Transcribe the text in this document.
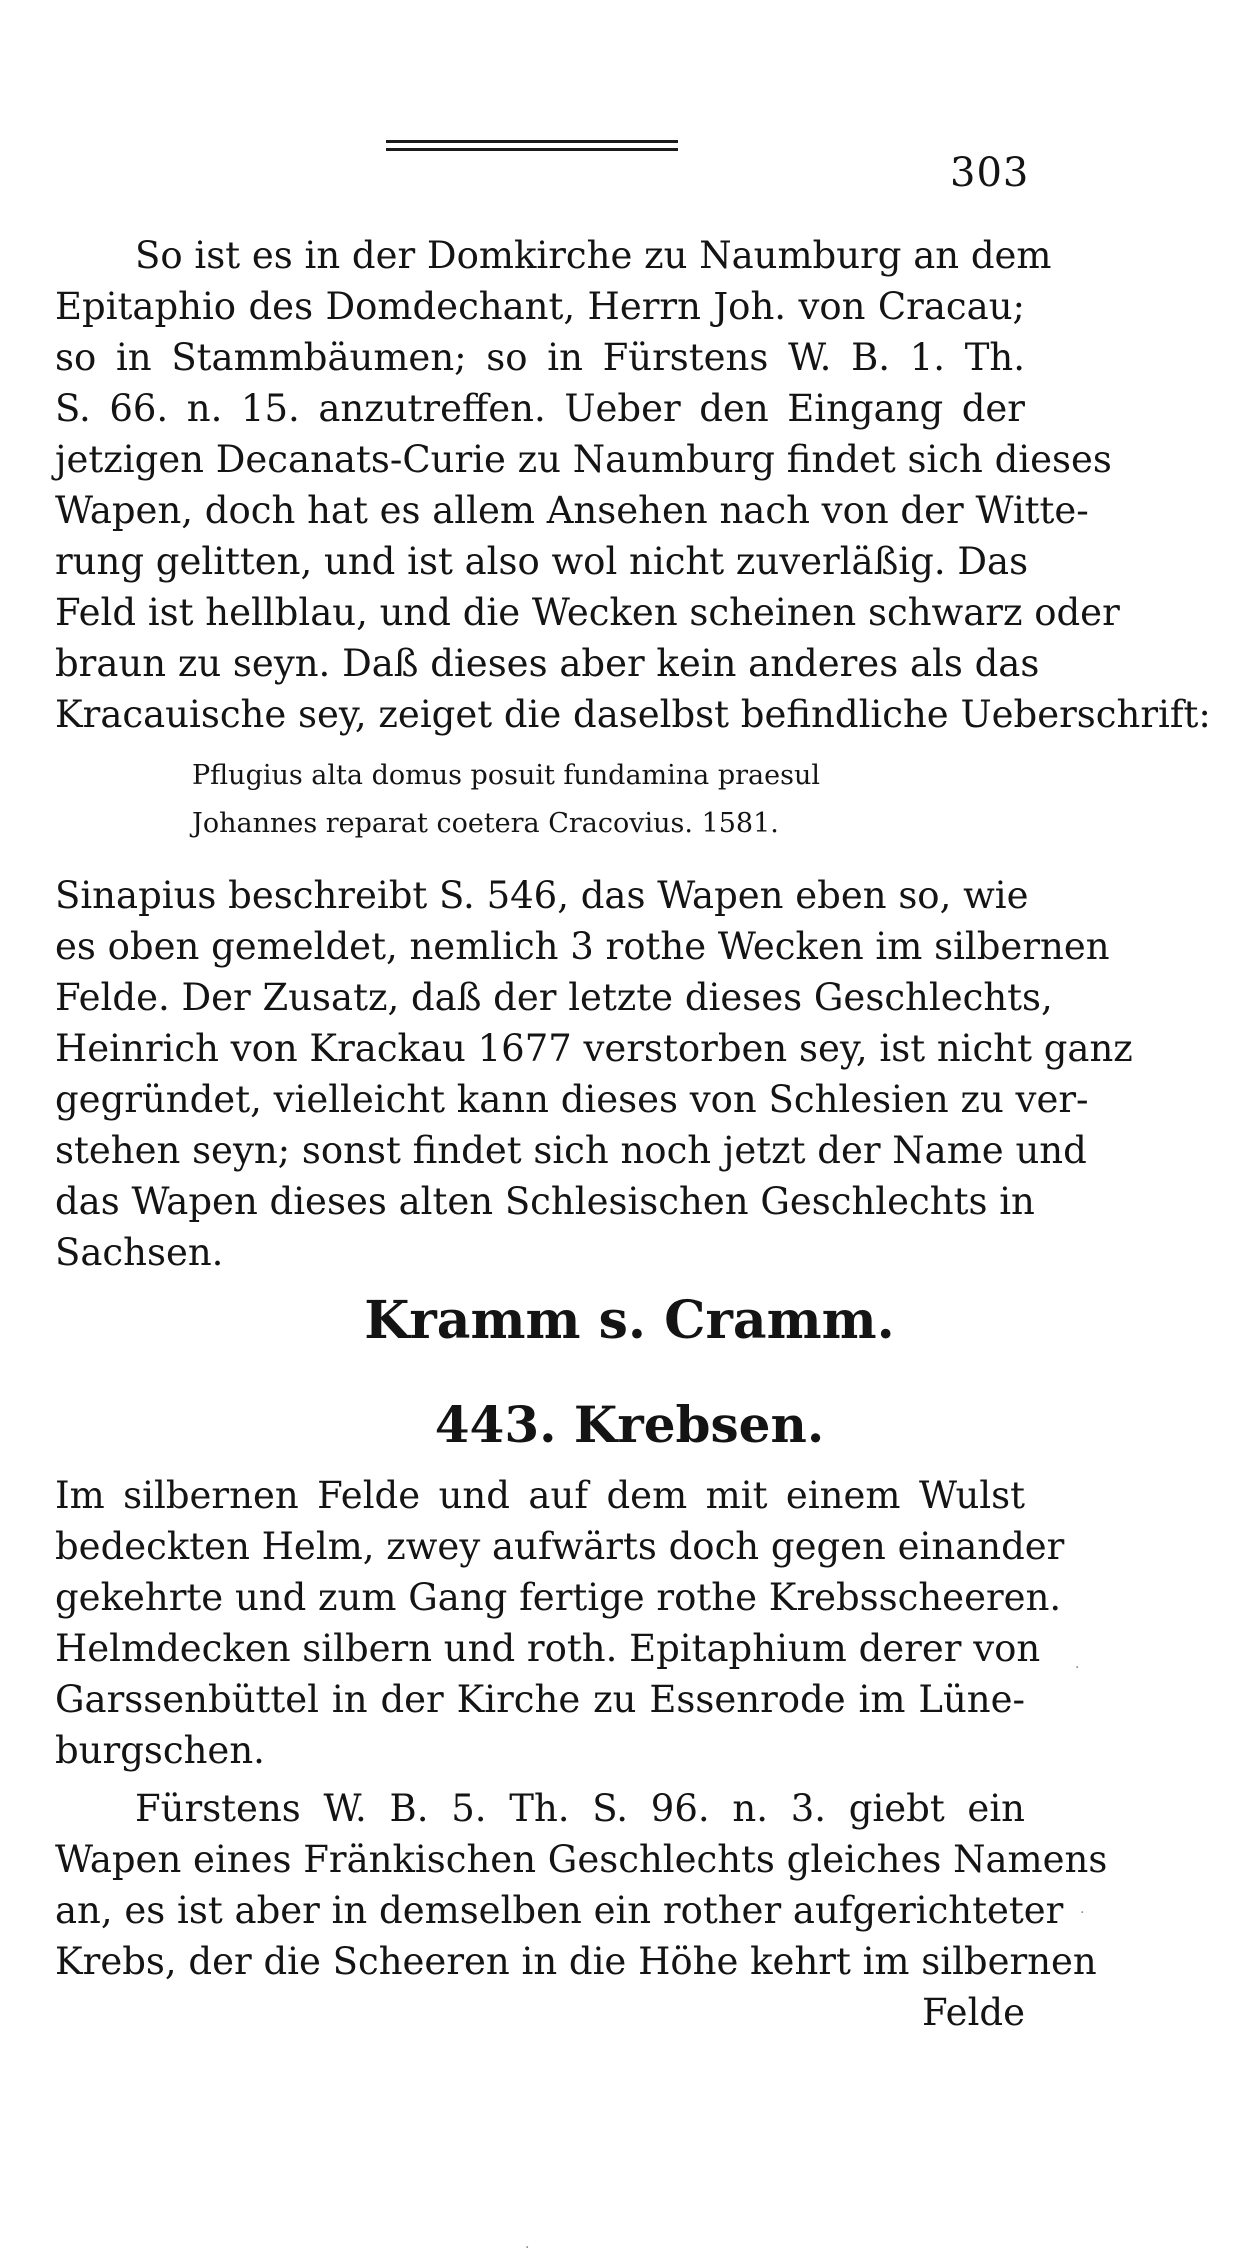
303
So ist es in der Domkirche zu Naumburg an dem
Epitaphio des Domdechant, Herrn Joh. von Cracau;
so in Stammbäumen; so in Fürstens W. B. 1. Th.
S. 66. n. 15. anzutreffen. Ueber den Eingang der
jetzigen Decanats-Curie zu Naumburg findet sich dieses
Wapen, doch hat es allem Ansehen nach von der Witte-
rung gelitten, und ist also wol nicht zuverläßig. Das
Feld ist hellblau, und die Wecken scheinen schwarz oder
braun zu seyn. Daß dieses aber kein anderes als das
Kracauische sey, zeiget die daselbst befindliche Ueberschrift:
Pflugius alta domus posuit fundamina praesul
Johannes reparat coetera Cracovius. 1581.
Sinapius beschreibt S. 546, das Wapen eben so, wie
es oben gemeldet, nemlich 3 rothe Wecken im silbernen
Felde. Der Zusatz, daß der letzte dieses Geschlechts,
Heinrich von Krackau 1677 verstorben sey, ist nicht ganz
gegründet, vielleicht kann dieses von Schlesien zu ver-
stehen seyn; sonst findet sich noch jetzt der Name und
das Wapen dieses alten Schlesischen Geschlechts in
Sachsen.
Kramm s. Cramm.
443. Krebsen.
Im silbernen Felde und auf dem mit einem Wulst
bedeckten Helm, zwey aufwärts doch gegen einander
gekehrte und zum Gang fertige rothe Krebsscheeren.
Helmdecken silbern und roth. Epitaphium derer von
Garssenbüttel in der Kirche zu Essenrode im Lüne-
burgschen.
Fürstens W. B. 5. Th. S. 96. n. 3. giebt ein
Wapen eines Fränkischen Geschlechts gleiches Namens
an, es ist aber in demselben ein rother aufgerichteter
Krebs, der die Scheeren in die Höhe kehrt im silbernen
Felde
·
·
·
